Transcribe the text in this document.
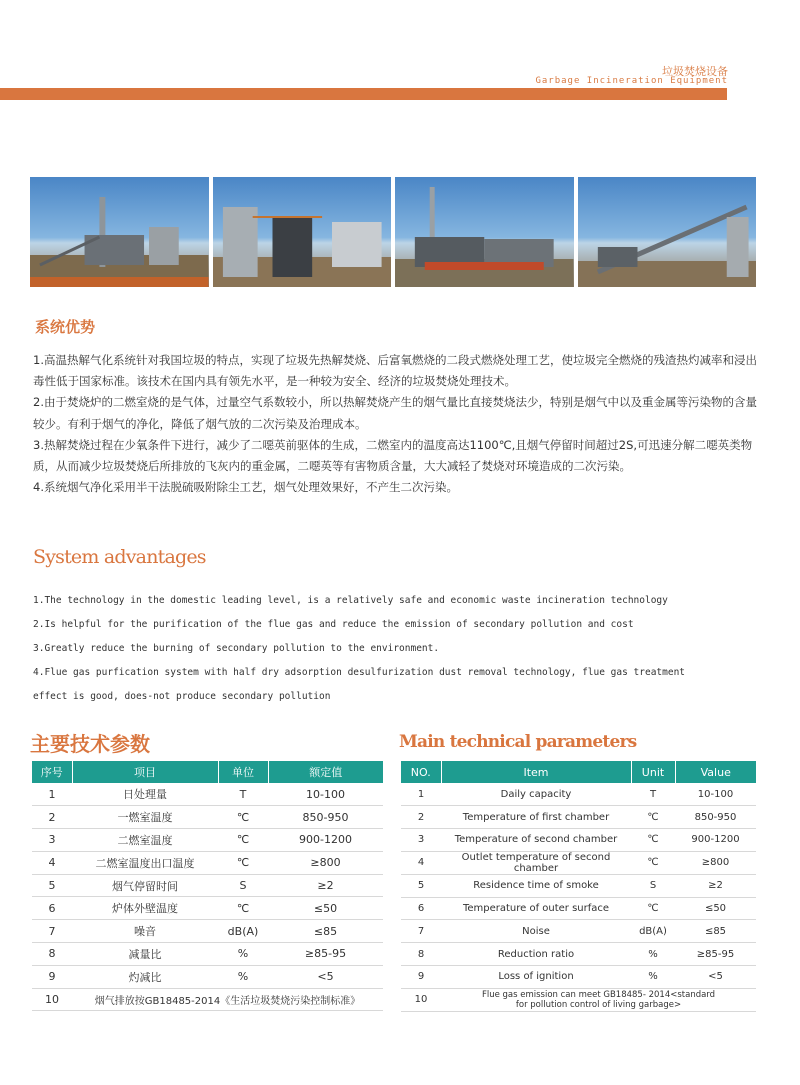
垃圾焚烧设备
Garbage Incineration Equipment
系统优势

1.高温热解气化系统针对我国垃圾的特点，实现了垃圾先热解焚烧、后富氧燃烧的二段式燃烧处理工艺，使垃圾完全燃烧的残渣热灼减率和浸出毒性低于国家标准。该技术在国内具有领先水平，是一种较为安全、经济的垃圾焚烧处理技术。

2.由于焚烧炉的二燃室烧的是气体，过量空气系数较小，所以热解焚烧产生的烟气量比直接焚烧法少，特别是烟气中以及重金属等污染物的含量较少。有利于烟气的净化，降低了烟气放的二次污染及治理成本。

3.热解焚烧过程在少氧条件下进行，减少了二噁英前驱体的生成，二燃室内的温度高达1100℃,且烟气停留时间超过2S,可迅速分解二噁英类物质，从而减少垃圾焚烧后所排放的飞灰内的重金属，二噁英等有害物质含量，大大减轻了焚烧对环境造成的二次污染。

4.系统烟气净化采用半干法脱硫吸附除尘工艺，烟气处理效果好，不产生二次污染。

System advantages

1.The technology in the domestic leading level, is a relatively safe and economic waste incineration technology

2.Is helpful for the purification of the flue gas and reduce the emission of secondary pollution and cost

3.Greatly reduce the burning of secondary pollution to the environment.

4.Flue gas purfication system with half dry adsorption desulfurization dust removal technology, flue gas treatment

effect is good, does-not produce secondary pollution

主要技术参数	Main technical parameters
序号	项目	单位	额定值
1	日处理量	T	10-100
2	一燃室温度	℃	850-950
3	二燃室温度	℃	900-1200
4	二燃室温度出口温度	℃	≥800
5	烟气停留时间	S	≥2
6	炉体外壁温度	℃	≤50
7	噪音	dB(A)	≤85
8	减量比	%	≥85-95
9	灼减比	%	<5
10	烟气排放按GB18485-2014《生活垃圾焚烧污染控制标准》		
NO.	Item	Unit	Value
1	Daily capacity	T	10-100
2	Temperature of first chamber	℃	850-950
3	Temperature of second chamber	℃	900-1200
4	Outlet temperature of second chamber	℃	≥800
5	Residence time of smoke	S	≥2
6	Temperature of outer surface	℃	≤50
7	Noise	dB(A)	≤85
8	Reduction ratio	%	≥85-95
9	Loss of ignition	%	<5
10	Flue gas emission can meet GB18485- 2014<standard
for pollution control of living garbage>		
